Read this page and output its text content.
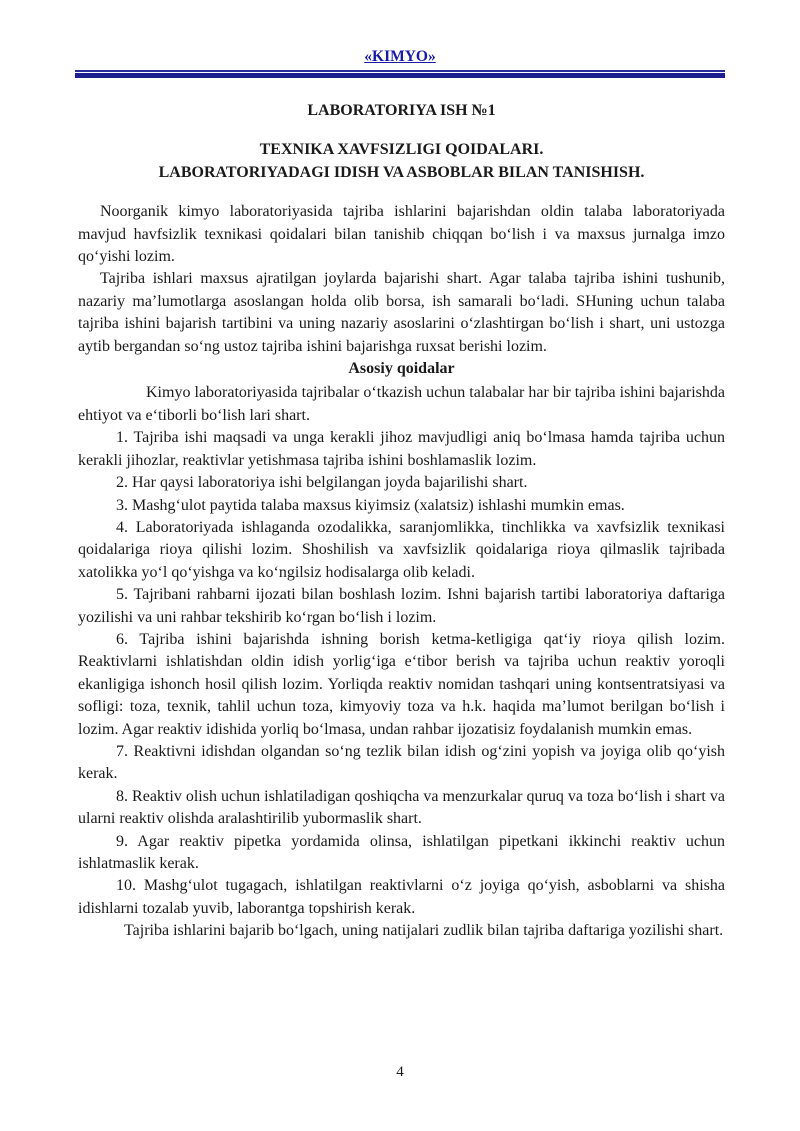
«KIMYO»
LABORATORIYA ISH №1
TEXNIKA XAVFSIZLIGI QOIDALARI.
LABORATORIYADAGI IDISH VA ASBOBLAR BILAN TANISHISH.

Noorganik kimyo laboratoriyasida tajriba ishlarini bajarishdan oldin talaba laboratoriyada mavjud havfsizlik texnikasi qoidalari bilan tanishib chiqqan bo‘lish i va maxsus jurnalga imzo qo‘yishi lozim.

Tajriba ishlari maxsus ajratilgan joylarda bajarishi shart. Agar talaba tajriba ishini tushunib, nazariy ma’lumotlarga asoslangan holda olib borsa, ish samarali bo‘ladi. SHuning uchun talaba tajriba ishini bajarish tartibini va uning nazariy asoslarini o‘zlashtirgan bo‘lish i shart, uni ustozga aytib bergandan so‘ng ustoz tajriba ishini bajarishga ruxsat berishi lozim.

Asosiy qoidalar

Kimyo laboratoriyasida tajribalar o‘tkazish uchun talabalar har bir tajriba ishini bajarishda ehtiyot va e‘tiborli bo‘lish lari shart.

1. Tajriba ishi maqsadi va unga kerakli jihoz mavjudligi aniq bo‘lmasa hamda tajriba uchun kerakli jihozlar, reaktivlar yetishmasa tajriba ishini boshlamaslik lozim.

2. Har qaysi laboratoriya ishi belgilangan joyda bajarilishi shart.

3. Mashg‘ulot paytida talaba maxsus kiyimsiz (xalatsiz) ishlashi mumkin emas.

4. Laboratoriyada ishlaganda ozodalikka, saranjomlikka, tinchlikka va xavfsizlik texnikasi qoidalariga rioya qilishi lozim. Shoshilish va xavfsizlik qoidalariga rioya qilmaslik tajribada xatolikka yo‘l qo‘yishga va ko‘ngilsiz hodisalarga olib keladi.

5. Tajribani rahbarni ijozati bilan boshlash lozim. Ishni bajarish tartibi laboratoriya daftariga yozilishi va uni rahbar tekshirib ko‘rgan bo‘lish i lozim.

6. Tajriba ishini bajarishda ishning borish ketma-ketligiga qat‘iy rioya qilish lozim. Reaktivlarni ishlatishdan oldin idish yorlig‘iga e‘tibor berish va tajriba uchun reaktiv yoroqli ekanligiga ishonch hosil qilish lozim. Yorliqda reaktiv nomidan tashqari uning kontsentratsiyasi va sofligi: toza, texnik, tahlil uchun toza, kimyoviy toza va h.k. haqida ma’lumot berilgan bo‘lish i lozim. Agar reaktiv idishida yorliq bo‘lmasa, undan rahbar ijozatisiz foydalanish mumkin emas.

7. Reaktivni idishdan olgandan so‘ng tezlik bilan idish og‘zini yopish va joyiga olib qo‘yish kerak.

8. Reaktiv olish uchun ishlatiladigan qoshiqcha va menzurkalar quruq va toza bo‘lish i shart va ularni reaktiv olishda aralashtirilib yubormaslik shart.

9. Agar reaktiv pipetka yordamida olinsa, ishlatilgan pipetkani ikkinchi reaktiv uchun ishlatmaslik kerak.

10. Mashg‘ulot tugagach, ishlatilgan reaktivlarni o‘z joyiga qo‘yish, asboblarni va shisha idishlarni tozalab yuvib, laborantga topshirish kerak.

Tajriba ishlarini bajarib bo‘lgach, uning natijalari zudlik bilan tajriba daftariga yozilishi shart.

4
